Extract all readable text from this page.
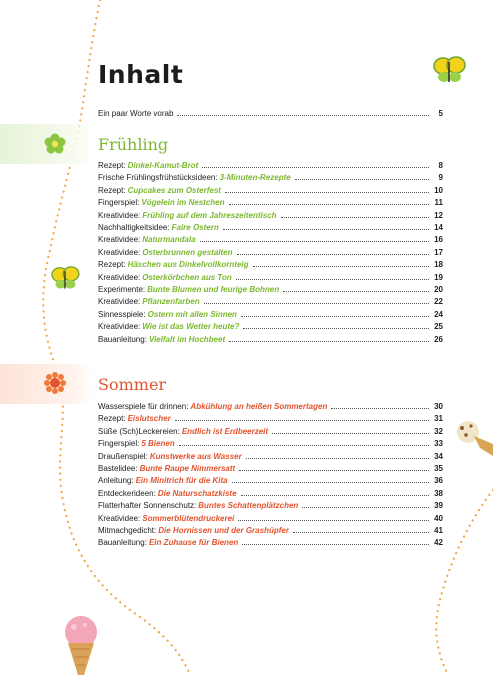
Inhalt
Ein paar Worte vorab	5
Frühling
Rezept: Dinkel-Kamut-Brot	8
Frische Frühlingsfrühstücksideen: 3-Minuten-Rezepte	9
Rezept: Cupcakes zum Osterfest	10
Fingerspiel: Vögelein im Nestchen	11
Kreatividee: Frühling auf dem Jahreszeitentisch	12
Nachhaltigkeitsidee: Faire Ostern	14
Kreatividee: Naturmandala	16
Kreatividee: Osterbrunnen gestalten	17
Rezept: Häschen aus Dinkelvollkornteig	18
Kreatividee: Osterkörbchen aus Ton	19
Experimente: Bunte Blumen und feurige Bohnen	20
Kreatividee: Pflanzenfarben	22
Sinnesspiele: Ostern mit allen Sinnen	24
Kreatividee: Wie ist das Wetter heute?	25
Bauanleitung: Vielfalt im Hochbeet	26
Sommer
Wasserspiele für drinnen: Abkühlung an heißen Sommertagen	30
Rezept: Eislutscher	31
Süße (Sch)Leckereien: Endlich ist Erdbeerzeit	32
Fingerspiel: 5 Bienen	33
Draußenspiel: Kunstwerke aus Wasser	34
Bastelidee: Bunte Raupe Nimmersatt	35
Anleitung: Ein Minitrich für die Kita	36
Entdeckerideen: Die Naturschatzkiste	38
Flatterhafter Sonnenschutz: Buntes Schattenplätzchen	39
Kreatividee: Sommerblütendruckerei	40
Mitmachgedicht: Die Hornissen und der Grashüpfer	41
Bauanleitung: Ein Zuhause für Bienen	42
